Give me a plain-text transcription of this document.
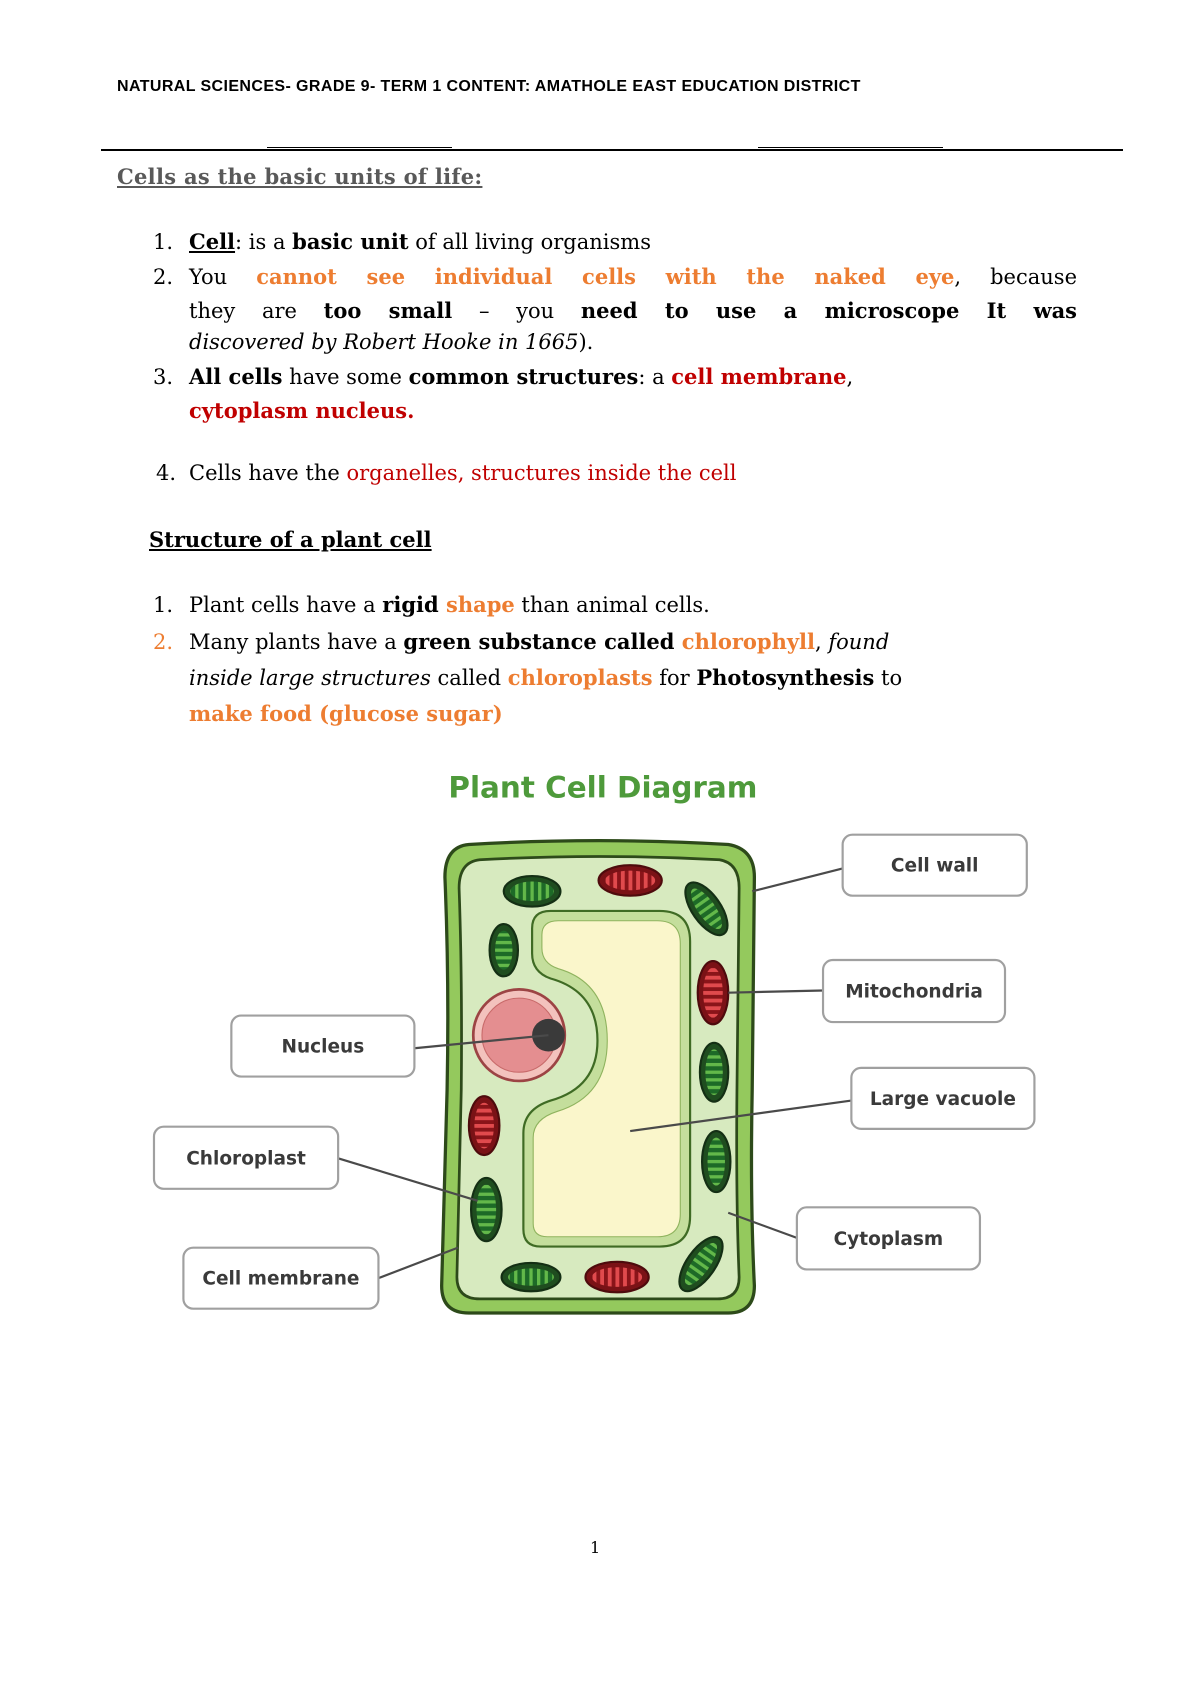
NATURAL SCIENCES- GRADE 9- TERM 1 CONTENT: AMATHOLE EAST EDUCATION DISTRICT
Cells as the basic units of life:
1. Cell: is a basic unit of all living organisms
2. You cannot see individual cells with the naked eye, because
they are too small – you need to use a microscope It was
discovered by Robert Hooke in 1665).
3. All cells have some common structures: a cell membrane,
cytoplasm nucleus.
4. Cells have the organelles, structures inside the cell
Structure of a plant cell
1. Plant cells have a rigid shape than animal cells.
2. Many plants have a green substance called chlorophyll, found
inside large structures called chloroplasts for Photosynthesis to
make food (glucose sugar)
Plant Cell Diagram
Cell wall
Mitochondria
Nucleus
Large vacuole
Chloroplast
Cytoplasm
Cell membrane
1
